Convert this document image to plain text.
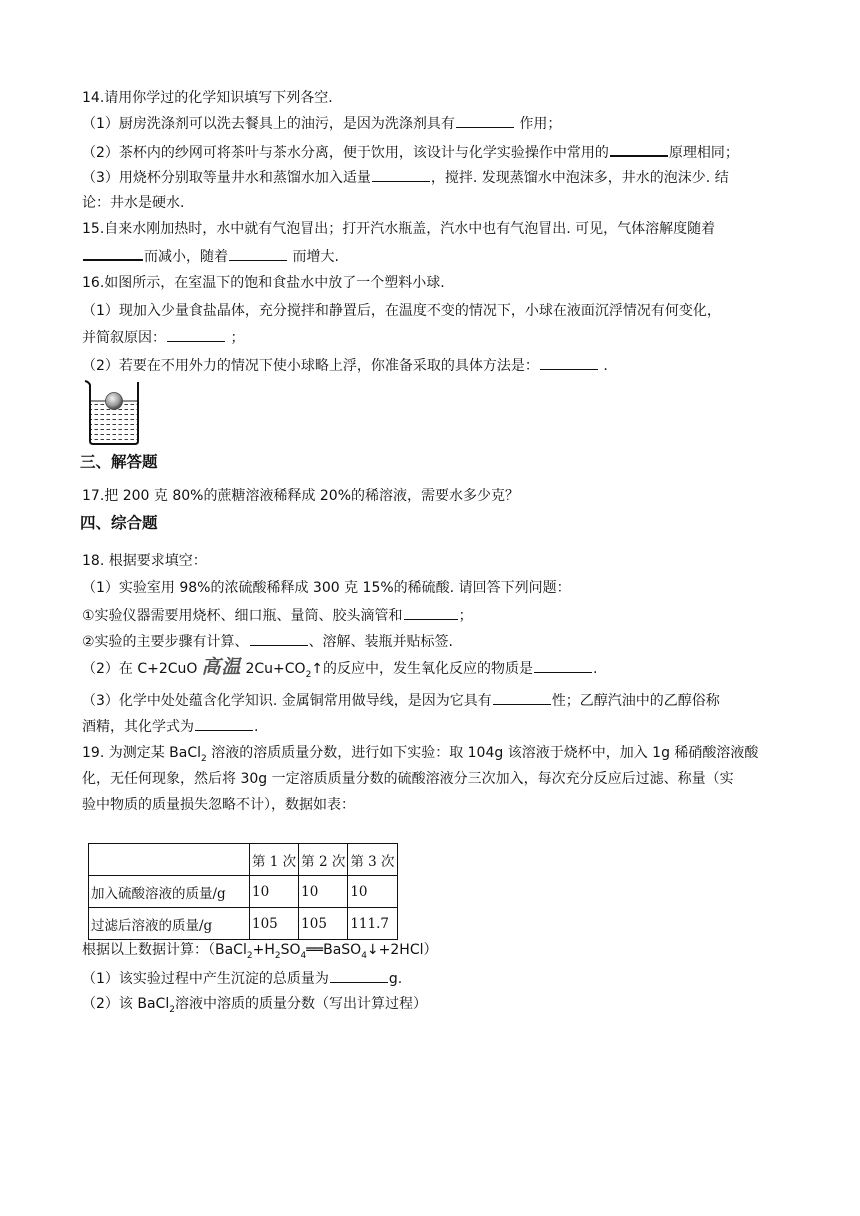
14.请用你学过的化学知识填写下列各空.
（1）厨房洗涤剂可以洗去餐具上的油污，是因为洗涤剂具有	作用；
（2）茶杯内的纱网可将茶叶与茶水分离，便于饮用，该设计与化学实验操作中常用的	原理相同；
（3）用烧杯分别取等量井水和蒸馏水加入适量	，搅拌. 发现蒸馏水中泡沫多，井水的泡沫少. 结
论：井水是硬水.
15.自来水刚加热时，水中就有气泡冒出；打开汽水瓶盖，汽水中也有气泡冒出. 可见，气体溶解度随着
而减小，随着	而增大.
16.如图所示，在室温下的饱和食盐水中放了一个塑料小球.
（1）现加入少量食盐晶体，充分搅拌和静置后，在温度不变的情况下，小球在液面沉浮情况有何变化，
并简叙原因：	；
（2）若要在不用外力的情况下使小球略上浮，你准备采取的具体方法是：	.
三、解答题
17.把 200 克 80%的蔗糖溶液稀释成 20%的稀溶液，需要水多少克？
四、综合题
18. 根据要求填空：
（1）实验室用 98%的浓硫酸稀释成 300 克 15%的稀硫酸. 请回答下列问题：
①实验仪器需要用烧杯、细口瓶、量筒、胶头滴管和	；
②实验的主要步骤有计算、	、溶解、装瓶并贴标签.
（2）在 C+2CuO 高温 $2Cu+CO_2↑$的反应中，发生氧化反应的物质是	.
（3）化学中处处蕴含化学知识. 金属铜常用做导线，是因为它具有	性；乙醇汽油中的乙醇俗称
酒精，其化学式为	.
19. 为测定某 BaCl$_2$ 溶液的溶质质量分数，进行如下实验：取 104g 该溶液于烧杯中，加入 1g 稀硝酸溶液酸
化，无任何现象，然后将 30g 一定溶质质量分数的硫酸溶液分三次加入，每次充分反应后过滤、称量（实
验中物质的质量损失忽略不计），数据如表：
	第 1 次	第 2 次	第 3 次
加入硫酸溶液的质量/g	10	10	10
过滤后溶液的质量/g	105	105	111.7
根据以上数据计算：$(BaCl_2+H_2SO_4══BaSO_4↓+2HCl)$
（1）该实验过程中产生沉淀的总质量为	g.
（2）该 BaCl$_2$溶液中溶质的质量分数（写出计算过程）
